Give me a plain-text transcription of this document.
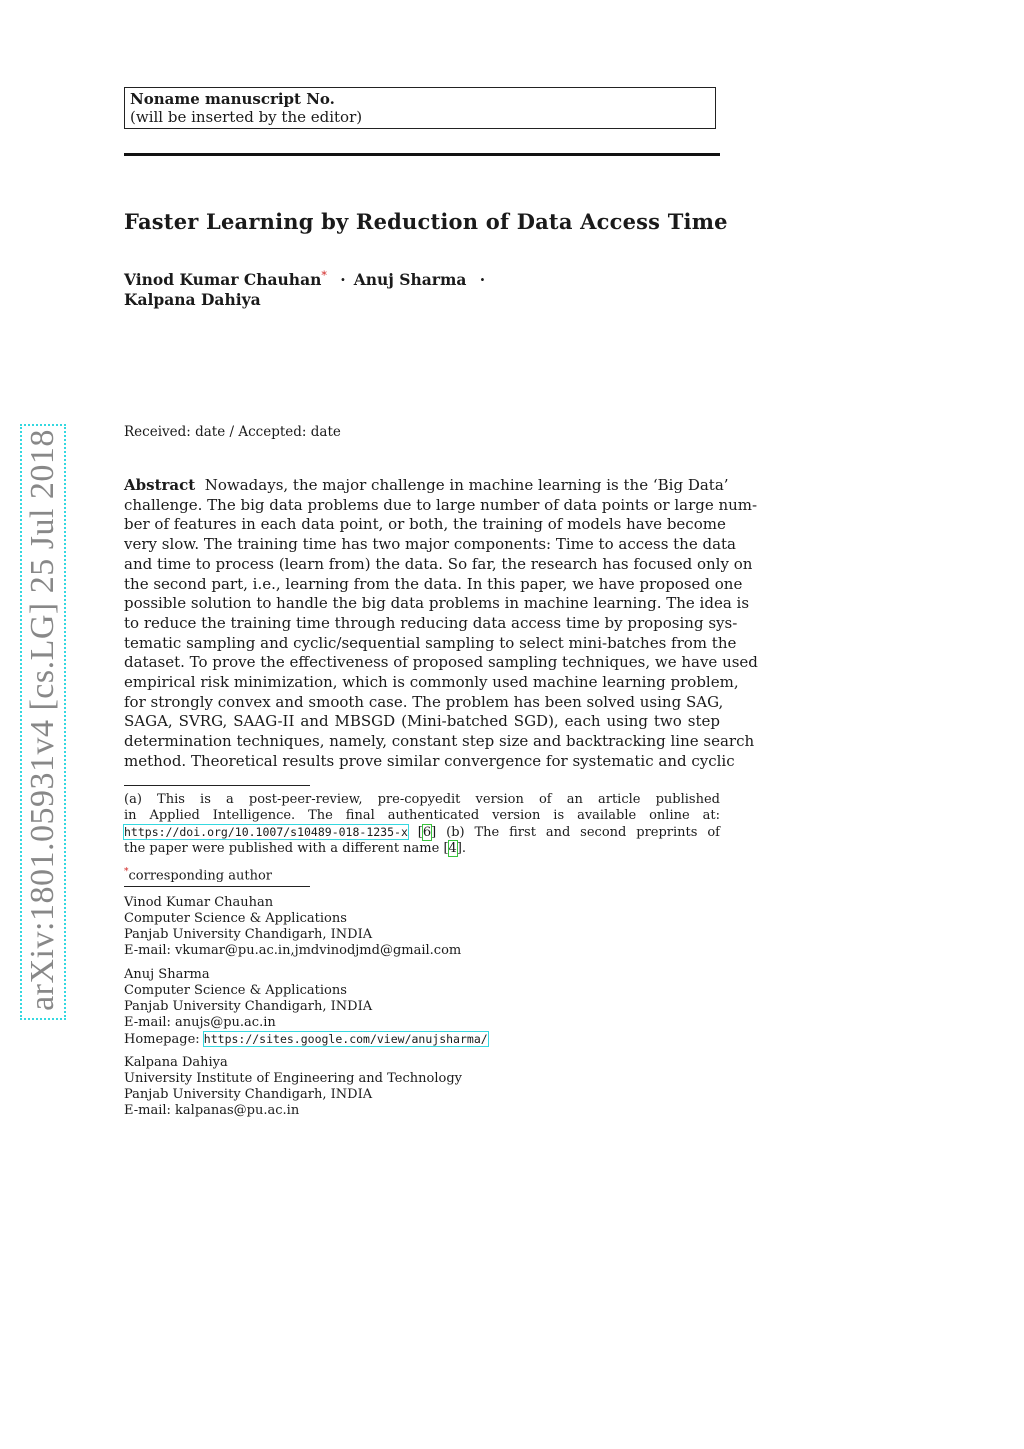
arXiv:1801.05931v4 [cs.LG] 25 Jul 2018
Noname manuscript No.
(will be inserted by the editor)
Faster Learning by Reduction of Data Access Time
Vinod Kumar Chauhan* · Anuj Sharma ·
Kalpana Dahiya
Received: date / Accepted: date
Abstract Nowadays, the major challenge in machine learning is the ‘Big Data’
challenge. The big data problems due to large number of data points or large num-
ber of features in each data point, or both, the training of models have become
very slow. The training time has two major components: Time to access the data
and time to process (learn from) the data. So far, the research has focused only on
the second part, i.e., learning from the data. In this paper, we have proposed one
possible solution to handle the big data problems in machine learning. The idea is
to reduce the training time through reducing data access time by proposing sys-
tematic sampling and cyclic/sequential sampling to select mini-batches from the
dataset. To prove the effectiveness of proposed sampling techniques, we have used
empirical risk minimization, which is commonly used machine learning problem,
for strongly convex and smooth case. The problem has been solved using SAG,
SAGA, SVRG, SAAG-II and MBSGD (Mini-batched SGD), each using two step
determination techniques, namely, constant step size and backtracking line search
method. Theoretical results prove similar convergence for systematic and cyclic
(a) This is a post-peer-review, pre-copyedit version of an article published
in Applied Intelligence. The final authenticated version is available online at:
https://doi.org/10.1007/s10489-018-1235-x [6] (b) The first and second preprints of
the paper were published with a different name [4].
*corresponding author
Vinod Kumar Chauhan
Computer Science & Applications
Panjab University Chandigarh, INDIA
E-mail: vkumar@pu.ac.in,jmdvinodjmd@gmail.com
Anuj Sharma
Computer Science & Applications
Panjab University Chandigarh, INDIA
E-mail: anujs@pu.ac.in
Homepage: https://sites.google.com/view/anujsharma/
Kalpana Dahiya
University Institute of Engineering and Technology
Panjab University Chandigarh, INDIA
E-mail: kalpanas@pu.ac.in
